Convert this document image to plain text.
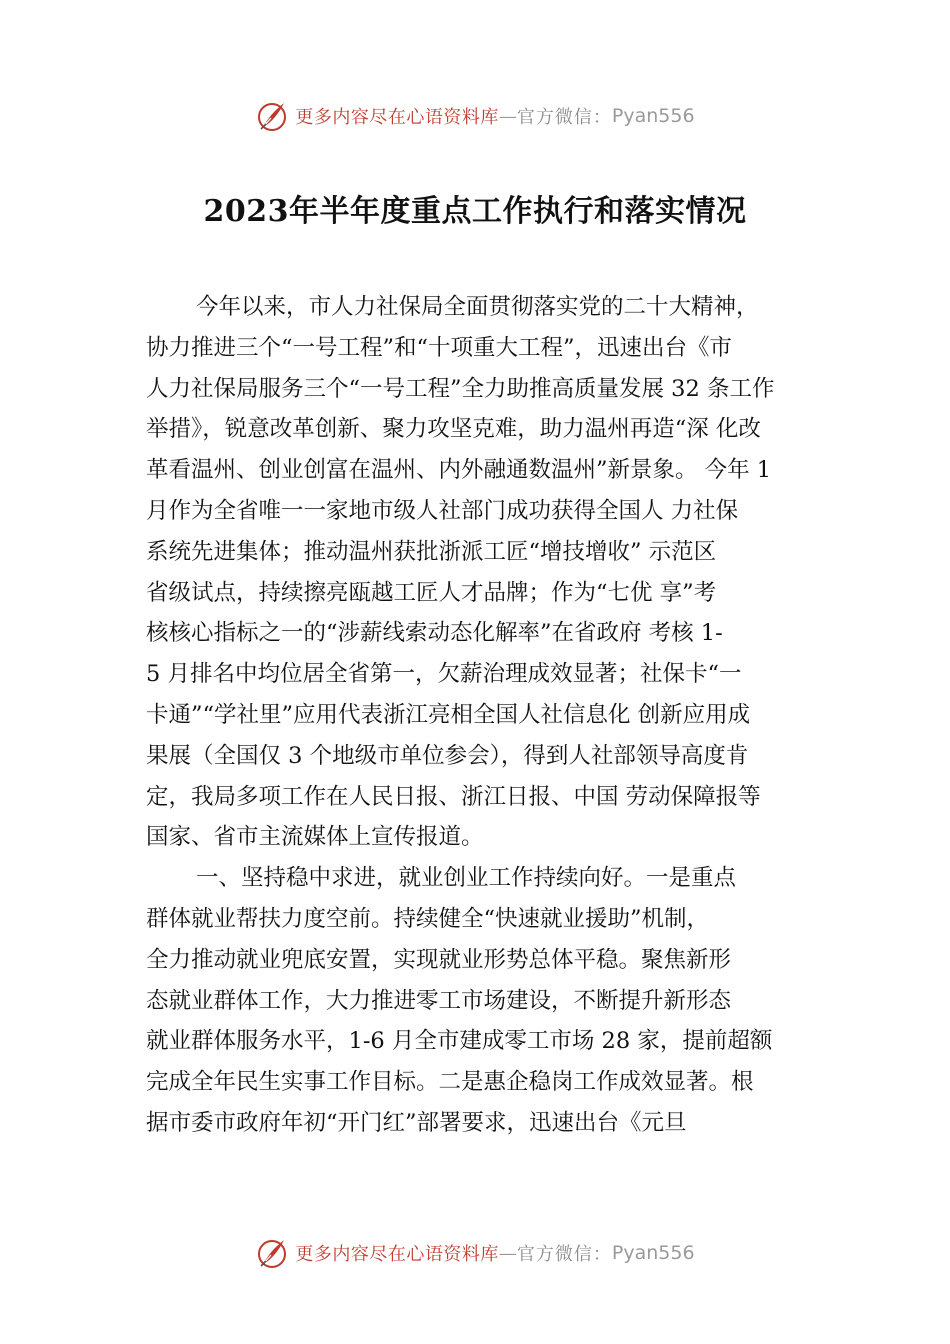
更多内容尽在心语资料库 — 官方微信： Pyan556
2023年半年度重点工作执行和落实情况
今年以来，市人力社保局全面贯彻落实党的二十大精神，
协力推进三个“一号工程”和“十项重大工程”，迅速出台《市
人力社保局服务三个“一号工程”全力助推高质量发展 32 条工作
举措》，锐意改革创新、聚力攻坚克难，助力温州再造“深 化改
革看温州、创业创富在温州、内外融通数温州”新景象。 今年 1
月作为全省唯一一家地市级人社部门成功获得全国人 力社保
系统先进集体；推动温州获批浙派工匠“增技增收” 示范区
省级试点，持续擦亮瓯越工匠人才品牌；作为“七优 享”考
核核心指标之一的“涉薪线索动态化解率”在省政府 考核 1-
5 月排名中均位居全省第一，欠薪治理成效显著；社保卡“一
卡通”“学社里”应用代表浙江亮相全国人社信息化 创新应用成
果展（全国仅 3 个地级市单位参会），得到人社部领导高度肯
定，我局多项工作在人民日报、浙江日报、中国 劳动保障报等
国家、省市主流媒体上宣传报道。
一、坚持稳中求进，就业创业工作持续向好。一是重点
群体就业帮扶力度空前。持续健全“快速就业援助”机制，
全力推动就业兜底安置，实现就业形势总体平稳。聚焦新形
态就业群体工作，大力推进零工市场建设，不断提升新形态
就业群体服务水平，1-6 月全市建成零工市场 28 家，提前超额
完成全年民生实事工作目标。二是惠企稳岗工作成效显著。根
据市委市政府年初“开门红”部署要求，迅速出台《元旦
更多内容尽在心语资料库 — 官方微信： Pyan556
